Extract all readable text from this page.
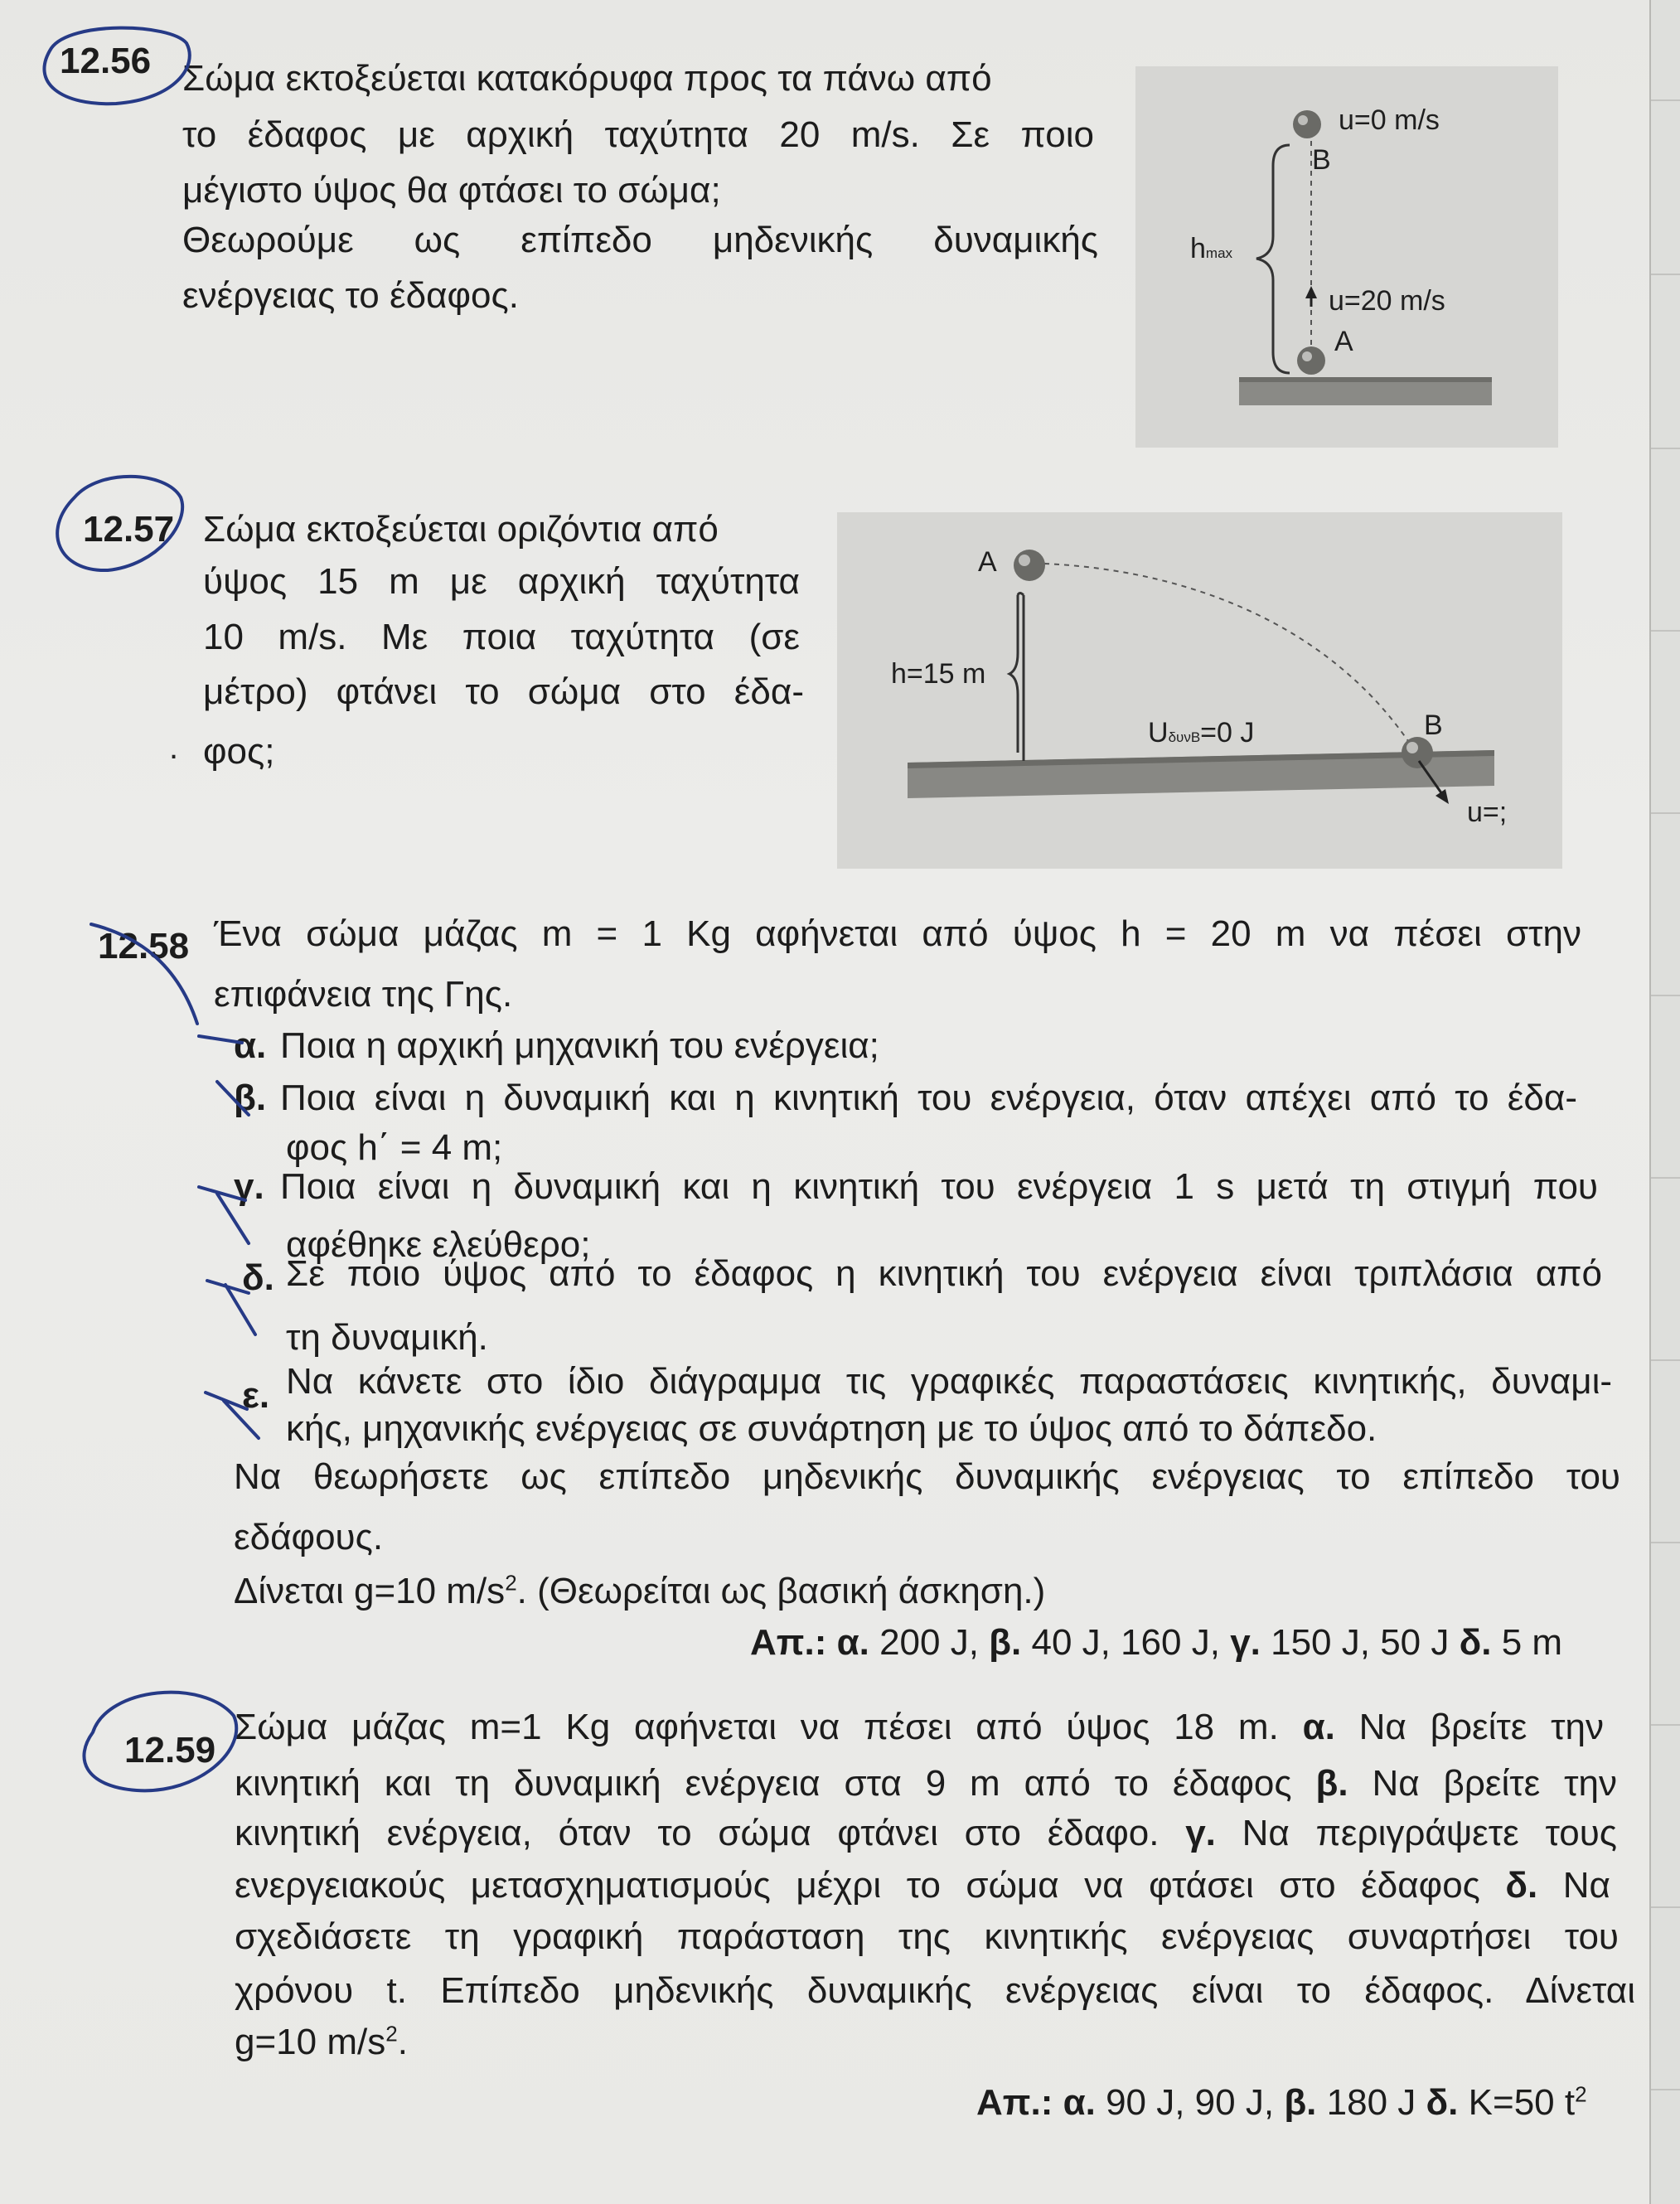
12.56 Σώμα εκτοξεύεται κατακόρυφα προς τα πάνω από
το έδαφος με αρχική ταχύτητα 20 m/s. Σε ποιο
μέγιστο ύψος θα φτάσει το σώμα;
Θεωρούμε ως επίπεδο μηδενικής δυναμικής
ενέργειας το έδαφος.
u=0 m/s
B
hmax
u=20 m/s
A
12.57 Σώμα εκτοξεύεται οριζόντια από
ύψος 15 m με αρχική ταχύτητα
10 m/s. Με ποια ταχύτητα (σε
μέτρο) φτάνει το σώμα στο έδα-
φος;
A
h=15 m
UδυνΒ=0 J	B
u=;
12.58 Ένα σώμα μάζας m = 1 Kg αφήνεται από ύψος h = 20 m να πέσει στην
επιφάνεια της Γης.
α. Ποια η αρχική μηχανική του ενέργεια;
β. Ποια είναι η δυναμική και η κινητική του ενέργεια, όταν απέχει από το έδα-
φος h΄ = 4 m;
γ. Ποια είναι η δυναμική και η κινητική του ενέργεια 1 s μετά τη στιγμή που
αφέθηκε ελεύθερο;
δ. Σε ποιο ύψος από το έδαφος η κινητική του ενέργεια είναι τριπλάσια από
τη δυναμική.
ε. Να κάνετε στο ίδιο διάγραμμα τις γραφικές παραστάσεις κινητικής, δυναμι-
κής, μηχανικής ενέργειας σε συνάρτηση με το ύψος από το δάπεδο.
Να θεωρήσετε ως επίπεδο μηδενικής δυναμικής ενέργειας το επίπεδο του
εδάφους.
Δίνεται g=10 $m/s^2$. (Θεωρείται ως βασική άσκηση.)
Απ.: α. 200 J, β. 40 J, 160 J, γ. 150 J, 50 J δ. 5 m
12.59
Σώμα μάζας m=1 Kg αφήνεται να πέσει από ύψος 18 m. α. Να βρείτε την
κινητική και τη δυναμική ενέργεια στα 9 m από το έδαφος β. Να βρείτε την
κινητική ενέργεια, όταν το σώμα φτάνει στο έδαφο. γ. Να περιγράψετε τους
ενεργειακούς μετασχηματισμούς μέχρι το σώμα να φτάσει στο έδαφος δ. Να
σχεδιάσετε τη γραφική παράσταση της κινητικής ενέργειας συναρτήσει του
χρόνου t. Επίπεδο μηδενικής δυναμικής ενέργειας είναι το έδαφος. Δίνεται
g=10 $m/s^2$.
Απ.: α. 90 J, 90 J, β. 180 J δ. K=50 $t^2$
.
